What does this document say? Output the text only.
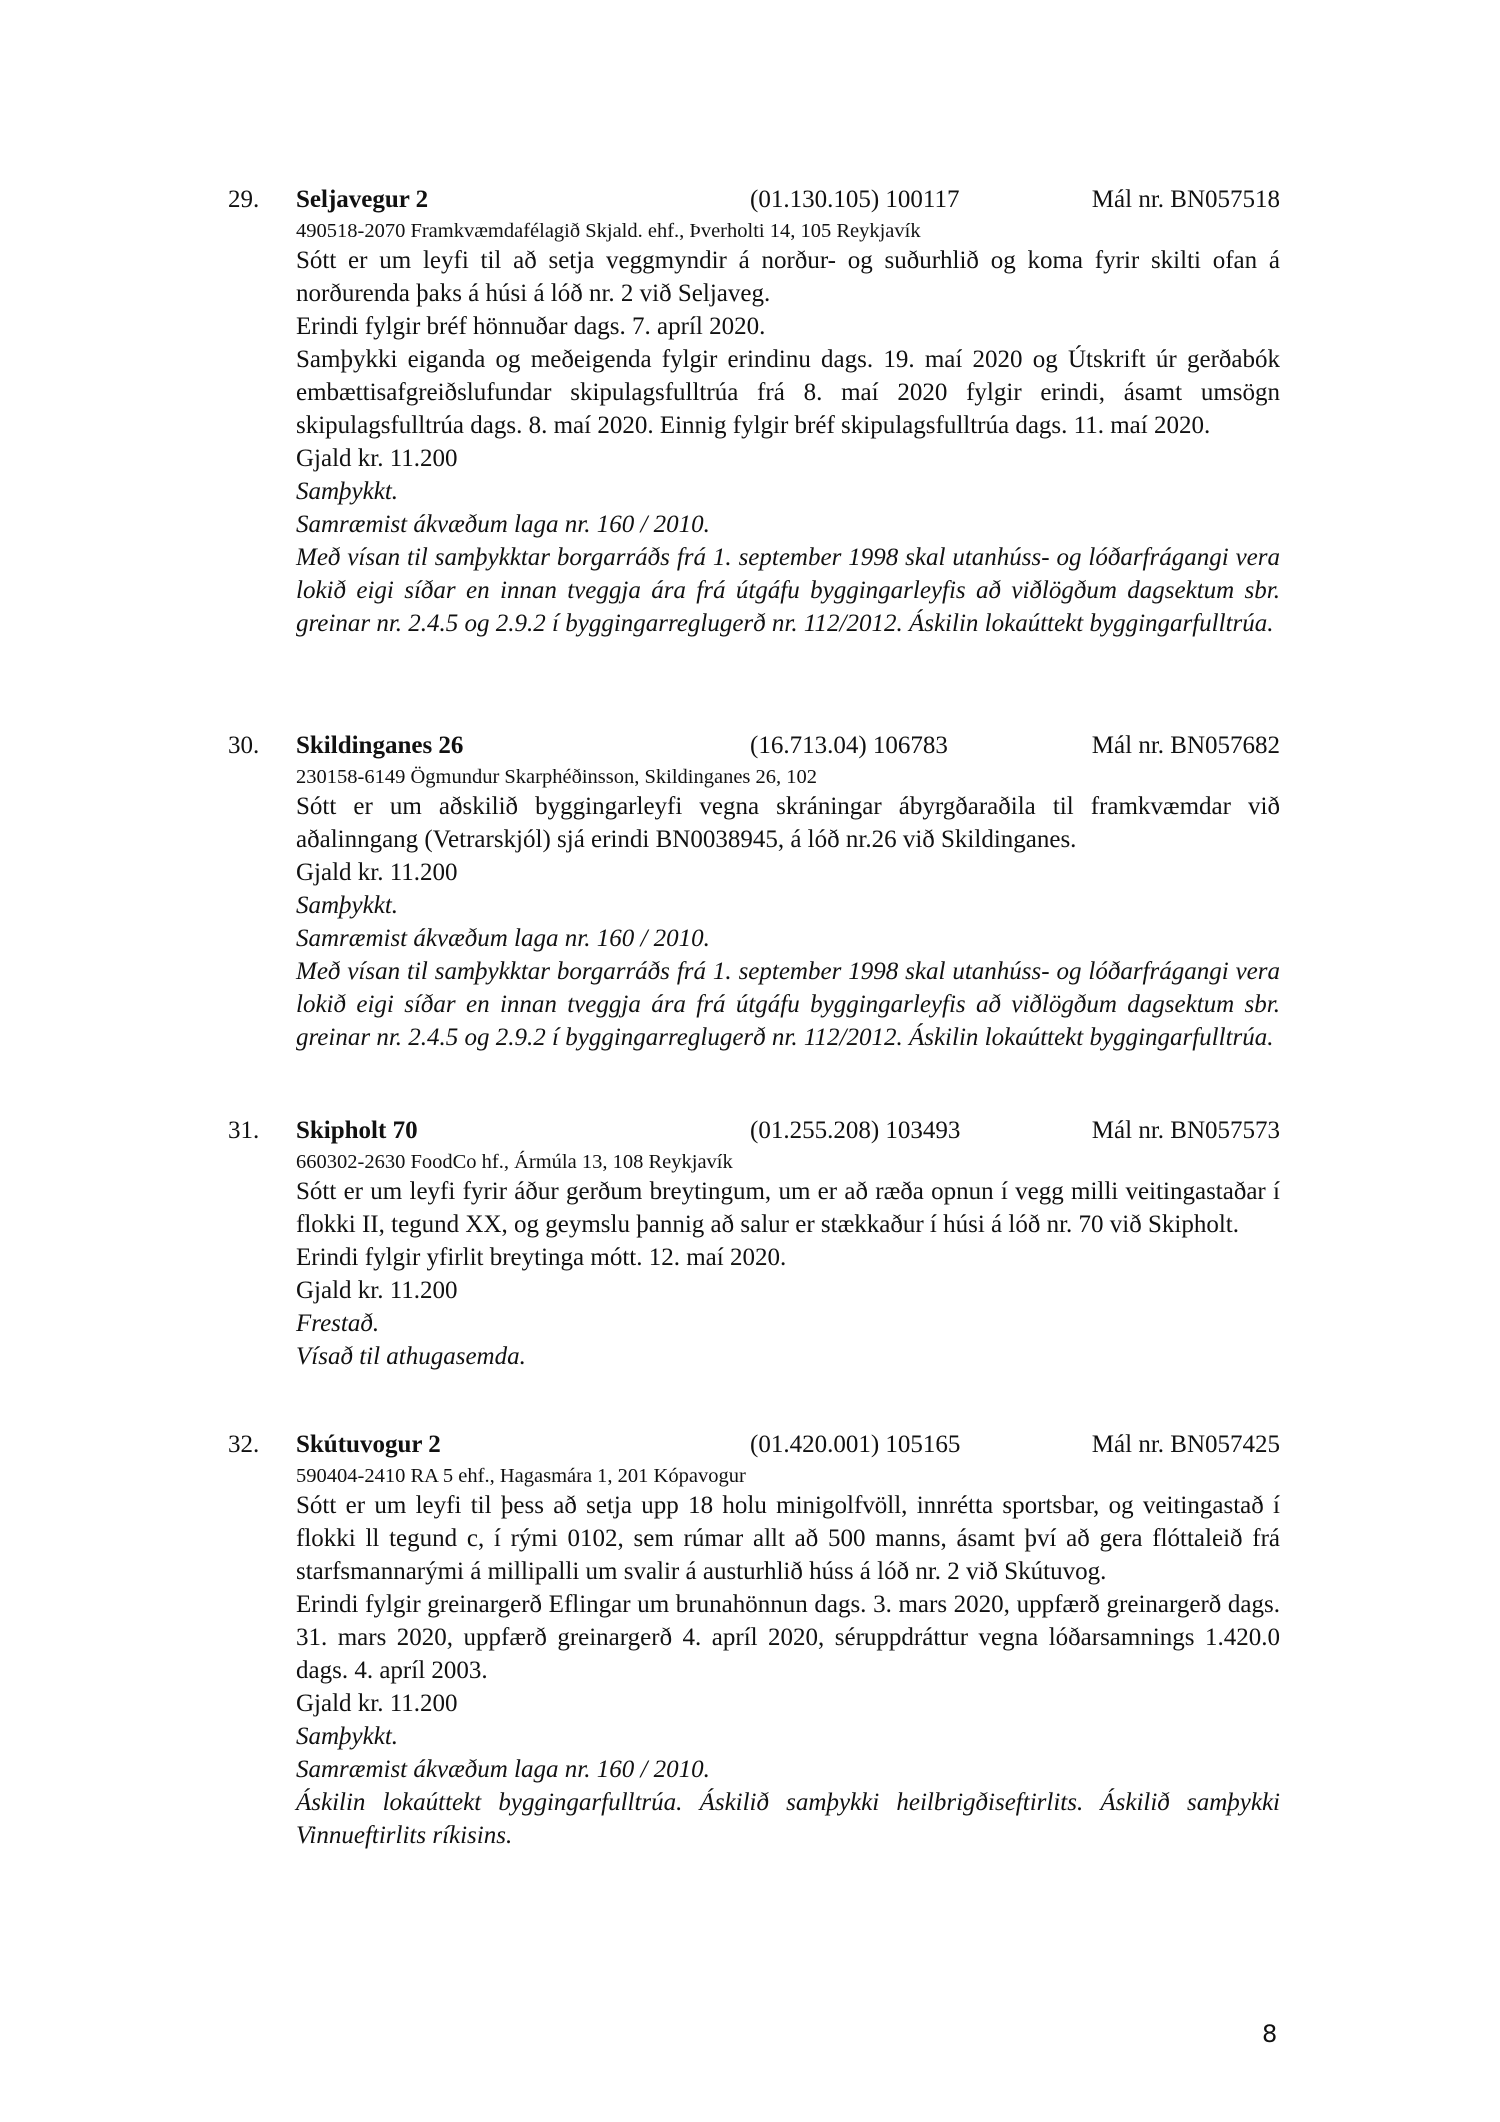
29. Seljavegur 2	(01.130.105) 100117	Mál nr. BN057518
490518-2070 Framkvæmdafélagið Skjald. ehf., Þverholti 14, 105 Reykjavík
Sótt er um leyfi til að setja veggmyndir á norður- og suðurhlið og koma fyrir skilti ofan á norðurenda þaks á húsi á lóð nr. 2 við Seljaveg.
Erindi fylgir bréf hönnuðar dags. 7. apríl 2020.
Samþykki eiganda og meðeigenda fylgir erindinu dags. 19. maí 2020 og Útskrift úr gerðabók embættisafgreiðslufundar skipulagsfulltrúa frá 8. maí 2020 fylgir erindi, ásamt umsögn skipulagsfulltrúa dags. 8. maí 2020. Einnig fylgir bréf skipulagsfulltrúa dags. 11. maí 2020.
Gjald kr. 11.200
Samþykkt.
Samræmist ákvæðum laga nr. 160 / 2010.
Með vísan til samþykktar borgarráðs frá 1. september 1998 skal utanhúss- og lóðarfrágangi vera lokið eigi síðar en innan tveggja ára frá útgáfu byggingarleyfis að viðlögðum dagsektum sbr. greinar nr. 2.4.5 og 2.9.2 í byggingarreglugerð nr. 112/2012. Áskilin lokaúttekt byggingarfulltrúa.
30. Skildinganes 26	(16.713.04) 106783	Mál nr. BN057682
230158-6149 Ögmundur Skarphéðinsson, Skildinganes 26, 102
Sótt er um aðskilið byggingarleyfi vegna skráningar ábyrgðaraðila til framkvæmdar við aðalinngang (Vetrarskjól) sjá erindi BN0038945, á lóð nr.26 við Skildinganes.
Gjald kr. 11.200
Samþykkt.
Samræmist ákvæðum laga nr. 160 / 2010.
Með vísan til samþykktar borgarráðs frá 1. september 1998 skal utanhúss- og lóðarfrágangi vera lokið eigi síðar en innan tveggja ára frá útgáfu byggingarleyfis að viðlögðum dagsektum sbr. greinar nr. 2.4.5 og 2.9.2 í byggingarreglugerð nr. 112/2012. Áskilin lokaúttekt byggingarfulltrúa.
31. Skipholt 70	(01.255.208) 103493	Mál nr. BN057573
660302-2630 FoodCo hf., Ármúla 13, 108 Reykjavík
Sótt er um leyfi fyrir áður gerðum breytingum, um er að ræða opnun í vegg milli veitingastaðar í flokki II, tegund XX, og geymslu þannig að salur er stækkaður í húsi á lóð nr. 70 við Skipholt.
Erindi fylgir yfirlit breytinga mótt. 12. maí 2020.
Gjald kr. 11.200
Frestað.
Vísað til athugasemda.
32. Skútuvogur 2	(01.420.001) 105165	Mál nr. BN057425
590404-2410 RA 5 ehf., Hagasmára 1, 201 Kópavogur
Sótt er um leyfi til þess að setja upp 18 holu minigolfvöll, innrétta sportsbar, og veitingastað í flokki ll tegund c, í rými 0102, sem rúmar allt að 500 manns, ásamt því að gera flóttaleið frá starfsmannarými á millipalli um svalir á austurhlið húss á lóð nr. 2 við Skútuvog.
Erindi fylgir greinargerð Eflingar um brunahönnun dags. 3. mars 2020, uppfærð greinargerð dags. 31. mars 2020, uppfærð greinargerð 4. apríl 2020, séruppdráttur vegna lóðarsamnings 1.420.0 dags. 4. apríl 2003.
Gjald kr. 11.200
Samþykkt.
Samræmist ákvæðum laga nr. 160 / 2010.
Áskilin lokaúttekt byggingarfulltrúa. Áskilið samþykki heilbrigðiseftirlits. Áskilið samþykki Vinnueftirlits ríkisins.
8
